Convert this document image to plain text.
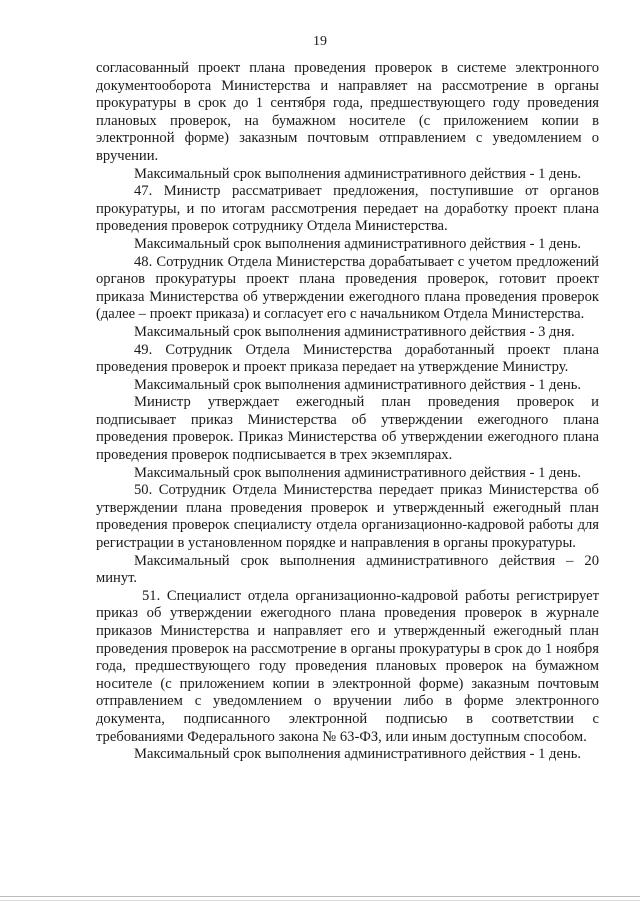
19

согласованный проект плана проведения проверок в системе электронного документооборота Министерства и направляет на рассмотрение в органы прокуратуры в срок до 1 сентября года, предшествующего году проведения плановых проверок, на бумажном носителе (с приложением копии в электронной форме) заказным почтовым отправлением с уведомлением о вручении.

Максимальный срок выполнения административного действия - 1 день.

47. Министр рассматривает предложения, поступившие от органов прокуратуры, и по итогам рассмотрения передает на доработку проект плана проведения проверок сотруднику Отдела Министерства.

Максимальный срок выполнения административного действия - 1 день.

48. Сотрудник Отдела Министерства дорабатывает с учетом предложений органов прокуратуры проект плана проведения проверок, готовит проект приказа Министерства об утверждении ежегодного плана проведения проверок (далее – проект приказа) и согласует его с начальником Отдела Министерства.

Максимальный срок выполнения административного действия - 3 дня.

49. Сотрудник Отдела Министерства доработанный проект плана проведения проверок и проект приказа передает на утверждение Министру.

Максимальный срок выполнения административного действия - 1 день.

Министр утверждает ежегодный план проведения проверок и подписывает приказ Министерства об утверждении ежегодного плана проведения проверок. Приказ Министерства об утверждении ежегодного плана проведения проверок подписывается в трех экземплярах.

Максимальный срок выполнения административного действия - 1 день.

50. Сотрудник Отдела Министерства передает приказ Министерства об утверждении плана проведения проверок и утвержденный ежегодный план проведения проверок специалисту отдела организационно-кадровой работы для регистрации в установленном порядке и направления в органы прокуратуры.

Максимальный срок выполнения административного действия – 20 минут.

51. Специалист отдела организационно-кадровой работы регистрирует приказ об утверждении ежегодного плана проведения проверок в журнале приказов Министерства и направляет его и утвержденный ежегодный план проведения проверок на рассмотрение в органы прокуратуры в срок до 1 ноября года, предшествующего году проведения плановых проверок на бумажном носителе (с приложением копии в электронной форме) заказным почтовым отправлением с уведомлением о вручении либо в форме электронного документа, подписанного электронной подписью в соответствии с требованиями Федерального закона № 63-ФЗ, или иным доступным способом.

Максимальный срок выполнения административного действия - 1 день.
